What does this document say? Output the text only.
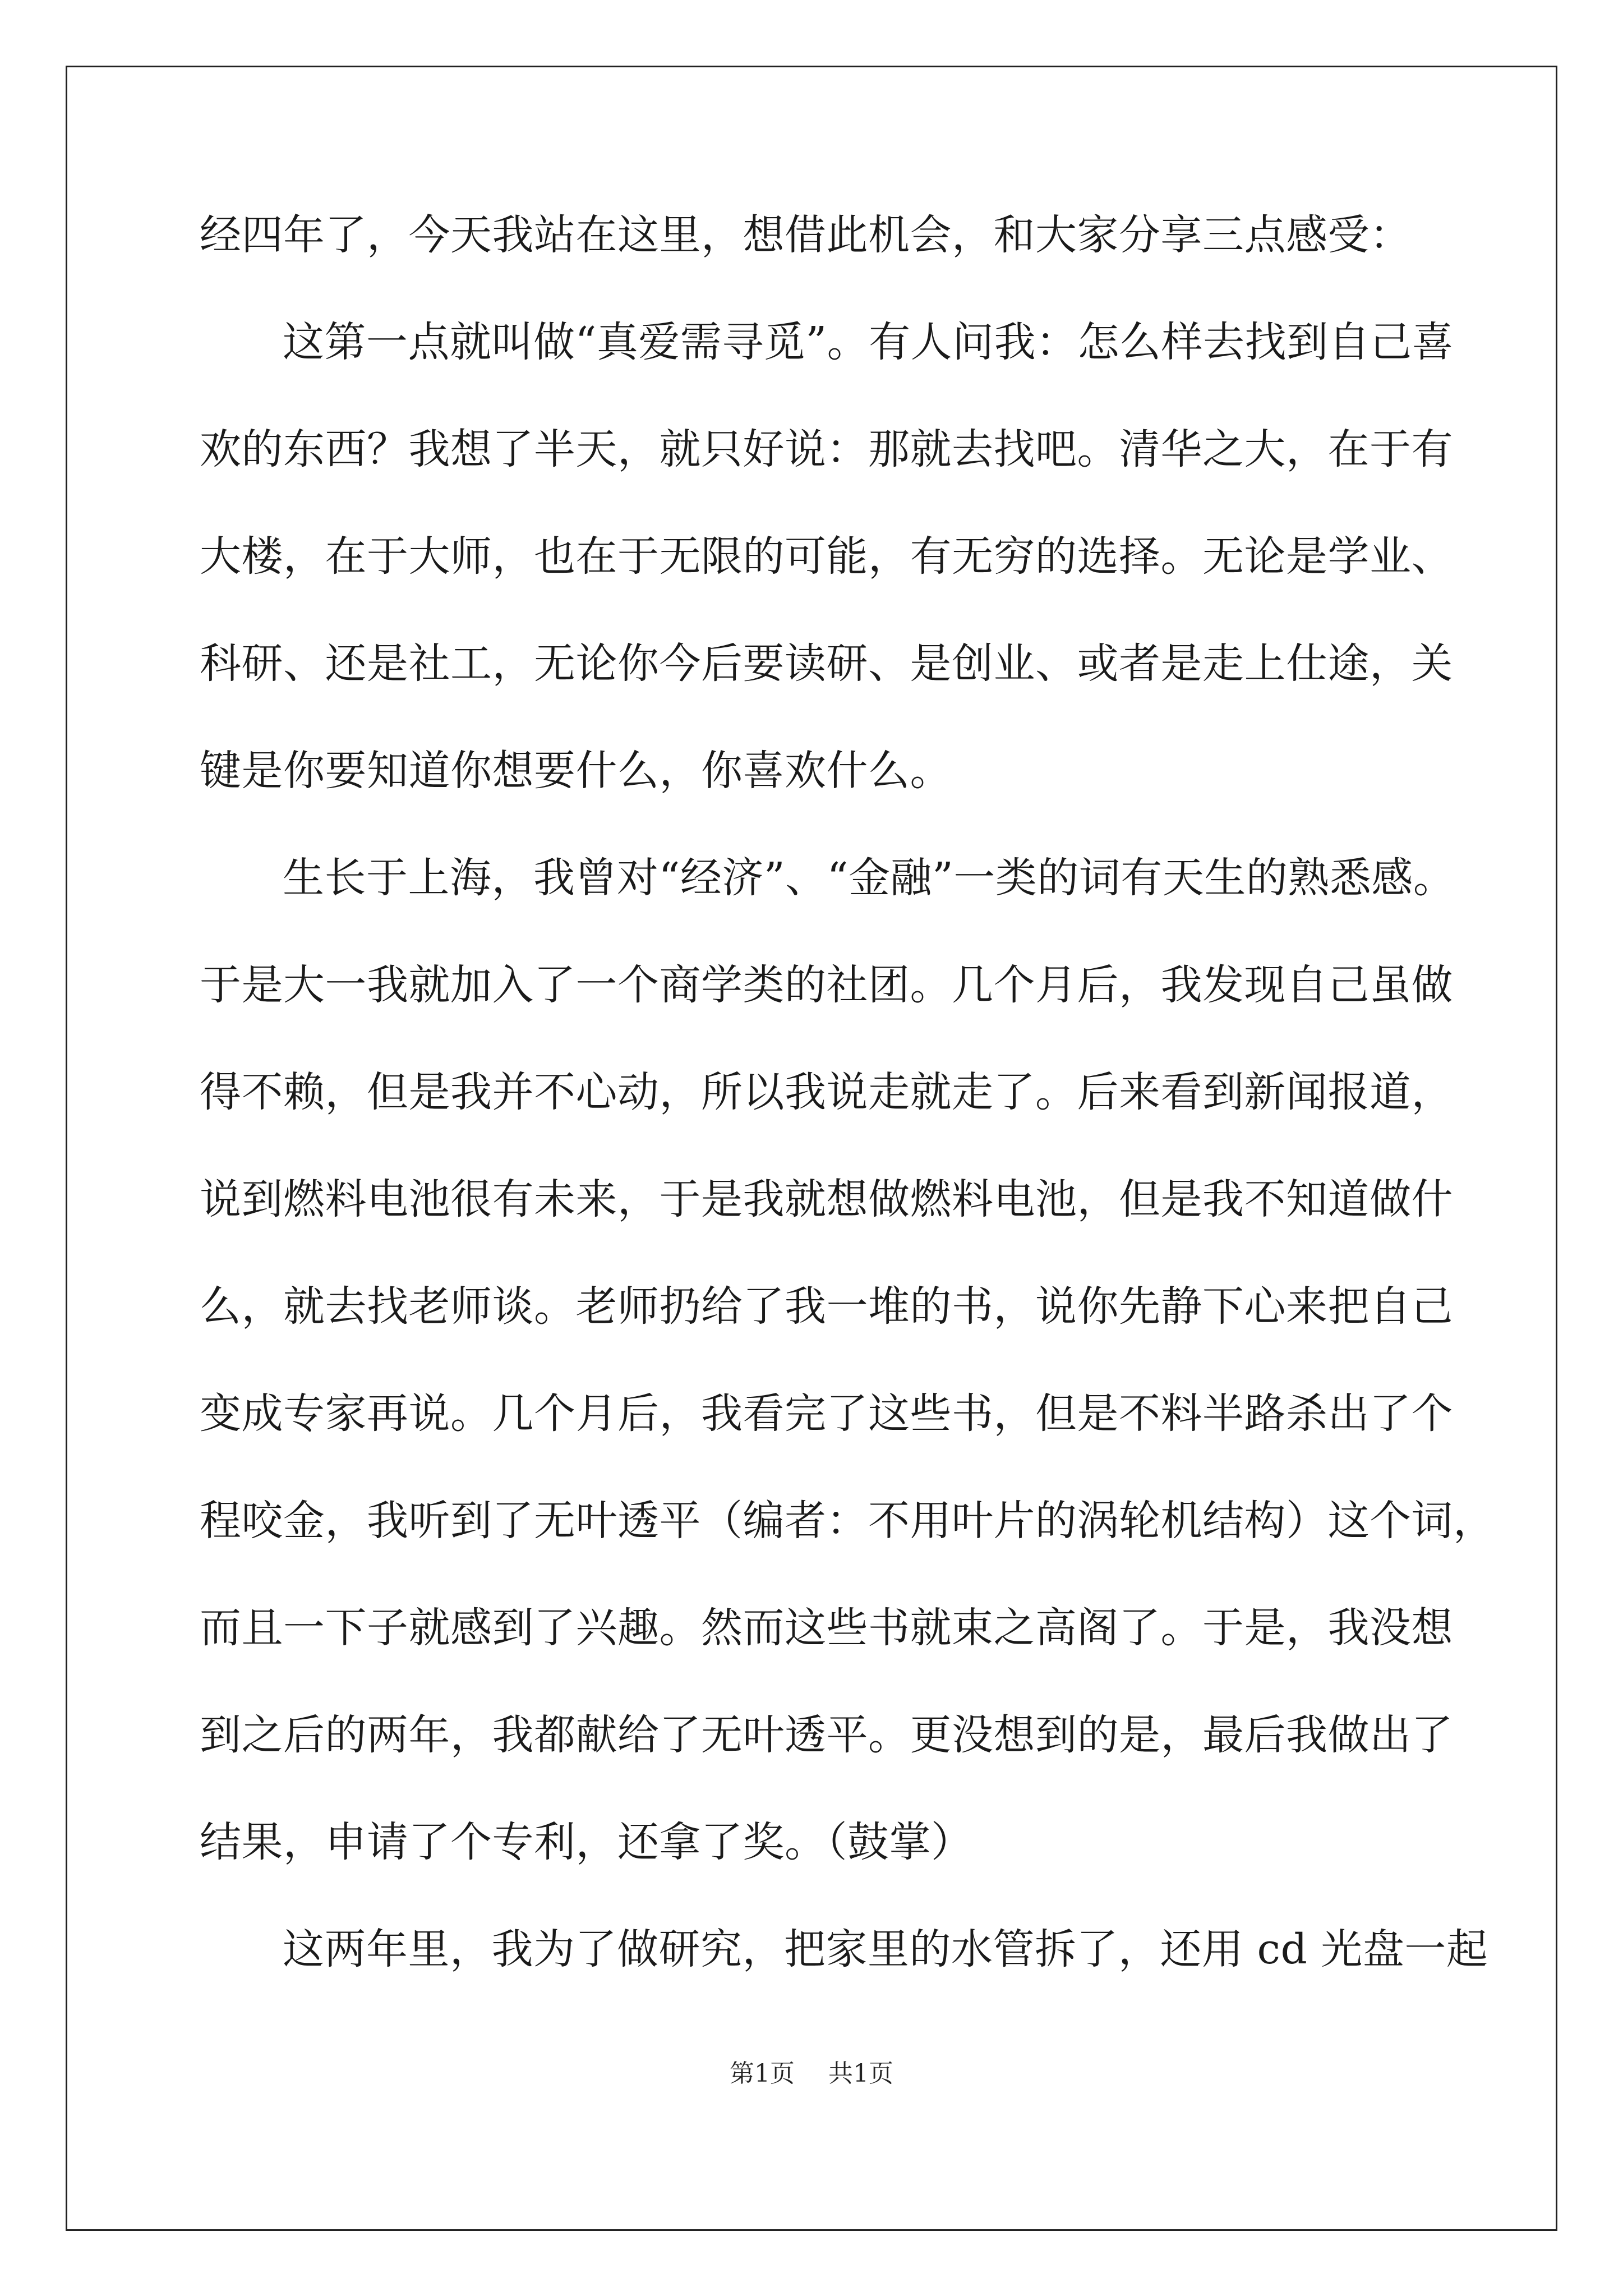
经四年了，今天我站在这里，想借此机会，和大家分享三点感受：
这第一点就叫做“真爱需寻觅”。有人问我：怎么样去找到自己喜
欢的东西？我想了半天，就只好说：那就去找吧。清华之大，在于有
大楼，在于大师，也在于无限的可能，有无穷的选择。无论是学业、
科研、还是社工，无论你今后要读研、是创业、或者是走上仕途，关
键是你要知道你想要什么，你喜欢什么。
生长于上海，我曾对“经济”、“金融”一类的词有天生的熟悉感。
于是大一我就加入了一个商学类的社团。几个月后，我发现自己虽做
得不赖，但是我并不心动，所以我说走就走了。后来看到新闻报道，
说到燃料电池很有未来，于是我就想做燃料电池，但是我不知道做什
么，就去找老师谈。老师扔给了我一堆的书，说你先静下心来把自己
变成专家再说。几个月后，我看完了这些书，但是不料半路杀出了个
程咬金，我听到了无叶透平（编者：不用叶片的涡轮机结构）这个词，
而且一下子就感到了兴趣。然而这些书就束之高阁了。于是，我没想
到之后的两年，我都献给了无叶透平。更没想到的是，最后我做出了
结果，申请了个专利，还拿了奖。（鼓掌）
这两年里，我为了做研究，把家里的水管拆了，还用 cd 光盘一起
第1页 共1页
